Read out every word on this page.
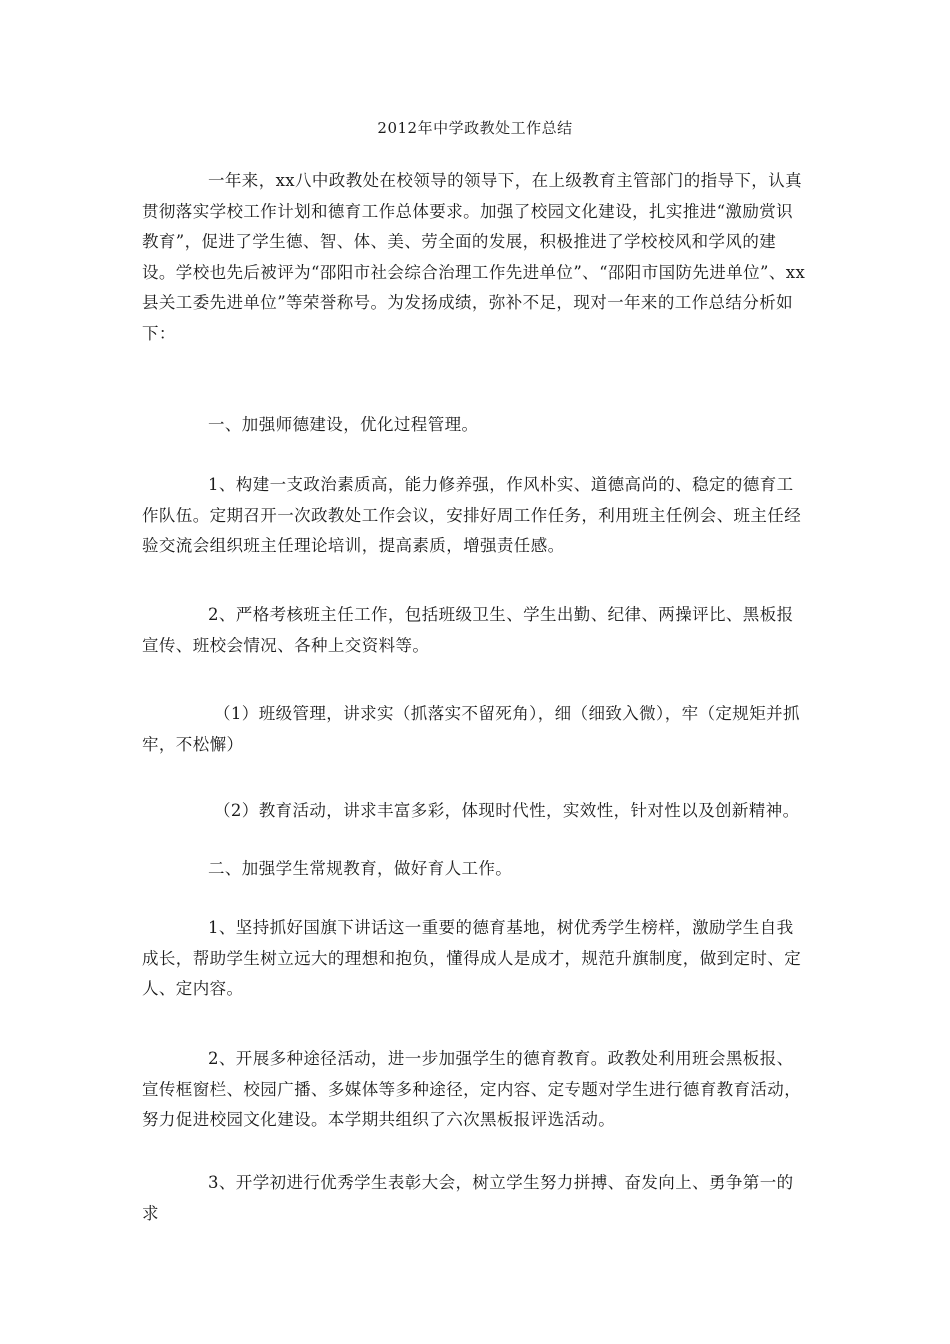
2012年中学政教处工作总结

一年来，xx八中政教处在校领导的领导下，在上级教育主管部门的指导下，认真贯彻落实学校工作计划和德育工作总体要求。加强了校园文化建设，扎实推进“激励赏识教育”，促进了学生德、智、体、美、劳全面的发展，积极推进了学校校风和学风的建设。学校也先后被评为“邵阳市社会综合治理工作先进单位”、“邵阳市国防先进单位”、xx县关工委先进单位”等荣誉称号。为发扬成绩，弥补不足，现对一年来的工作总结分析如下：

一、加强师德建设，优化过程管理。

1、构建一支政治素质高，能力修养强，作风朴实、道德高尚的、稳定的德育工作队伍。定期召开一次政教处工作会议，安排好周工作任务，利用班主任例会、班主任经验交流会组织班主任理论培训，提高素质，增强责任感。

2、严格考核班主任工作，包括班级卫生、学生出勤、纪律、两操评比、黑板报宣传、班校会情况、各种上交资料等。

（1）班级管理，讲求实（抓落实不留死角），细（细致入微），牢（定规矩并抓牢，不松懈）

（2）教育活动，讲求丰富多彩，体现时代性，实效性，针对性以及创新精神。

二、加强学生常规教育，做好育人工作。

1、坚持抓好国旗下讲话这一重要的德育基地，树优秀学生榜样，激励学生自我成长，帮助学生树立远大的理想和抱负，懂得成人是成才，规范升旗制度，做到定时、定人、定内容。

2、开展多种途径活动，进一步加强学生的德育教育。政教处利用班会黑板报、宣传框窗栏、校园广播、多媒体等多种途径，定内容、定专题对学生进行德育教育活动，努力促进校园文化建设。本学期共组织了六次黑板报评选活动。

3、开学初进行优秀学生表彰大会，树立学生努力拼搏、奋发向上、勇争第一的求
